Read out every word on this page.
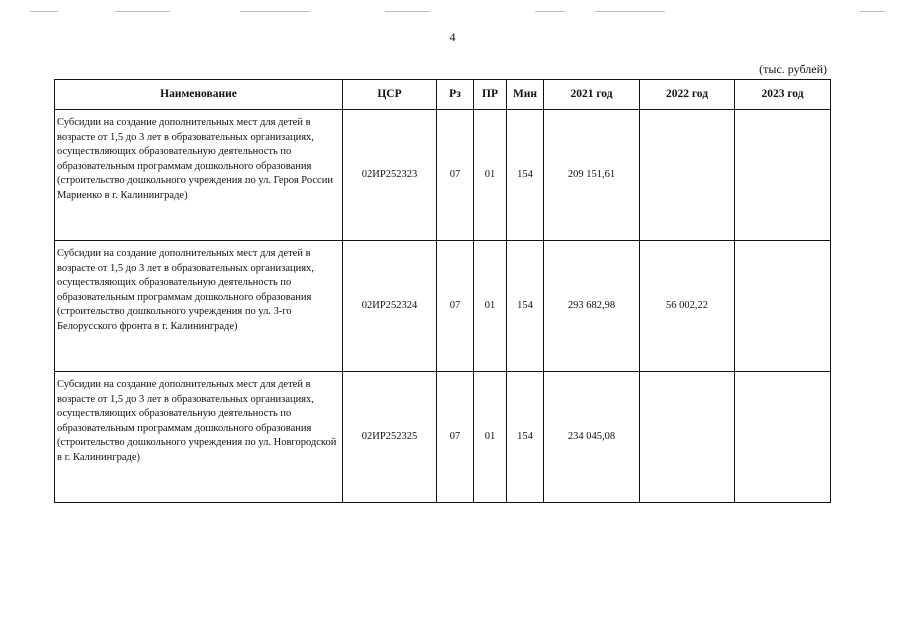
4
(тыс. рублей)
Наименование	ЦСР	Рз	ПР	Мин	2021 год	2022 год	2023 год
Субсидии на создание дополнительных мест для детей в возрасте от 1,5 до 3 лет в образовательных организациях, осуществляющих образовательную деятельность по образовательным программам дошкольного образования (строительство дошкольного учреждения по ул. Героя России Мариенко в г. Калининграде)	02ИР252323	07	01	154	209 151,61		
Субсидии на создание дополнительных мест для детей в возрасте от 1,5 до 3 лет в образовательных организациях, осуществляющих образовательную деятельность по образовательным программам дошкольного образования (строительство дошкольного учреждения по ул. 3-го Белорусского фронта в г. Калининграде)	02ИР252324	07	01	154	293 682,98	56 002,22	
Субсидии на создание дополнительных мест для детей в возрасте от 1,5 до 3 лет в образовательных организациях, осуществляющих образовательную деятельность по образовательным программам дошкольного образования (строительство дошкольного учреждения по ул. Новгородской в г. Калининграде)	02ИР252325	07	01	154	234 045,08		
